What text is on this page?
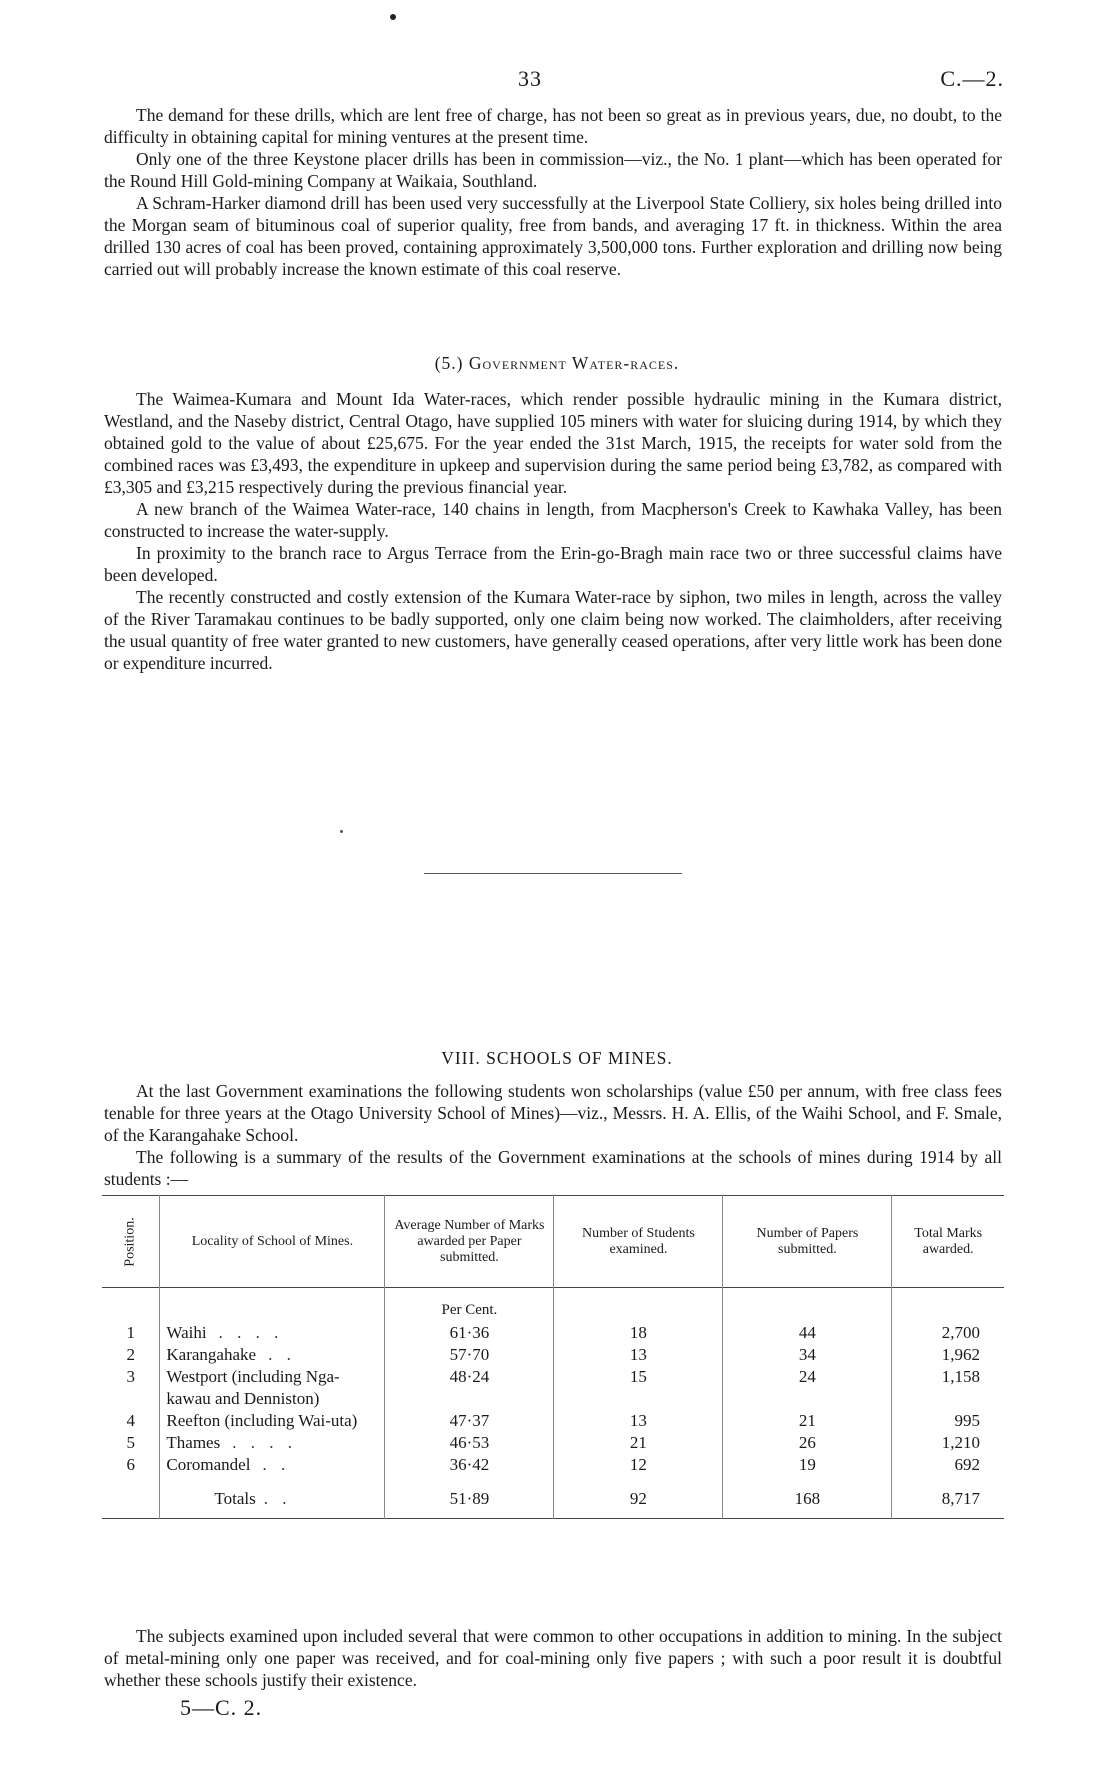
33	C.—2.

The demand for these drills, which are lent free of charge, has not been so great as in previous years, due, no doubt, to the difficulty in obtaining capital for mining ventures at the present time.

Only one of the three Keystone placer drills has been in commission—viz., the No. 1 plant—which has been operated for the Round Hill Gold-mining Company at Waikaia, Southland.

A Schram-Harker diamond drill has been used very successfully at the Liverpool State Colliery, six holes being drilled into the Morgan seam of bituminous coal of superior quality, free from bands, and averaging 17 ft. in thickness. Within the area drilled 130 acres of coal has been proved, containing approximately 3,500,000 tons. Further exploration and drilling now being carried out will probably increase the known estimate of this coal reserve.

(5.) Government Water-races.

The Waimea-Kumara and Mount Ida Water-races, which render possible hydraulic mining in the Kumara district, Westland, and the Naseby district, Central Otago, have supplied 105 miners with water for sluicing during 1914, by which they obtained gold to the value of about £25,675. For the year ended the 31st March, 1915, the receipts for water sold from the combined races was £3,493, the expenditure in upkeep and supervision during the same period being £3,782, as compared with £3,305 and £3,215 respectively during the previous financial year.

A new branch of the Waimea Water-race, 140 chains in length, from Macpherson's Creek to Kawhaka Valley, has been constructed to increase the water-supply.

In proximity to the branch race to Argus Terrace from the Erin-go-Bragh main race two or three successful claims have been developed.

The recently constructed and costly extension of the Kumara Water-race by siphon, two miles in length, across the valley of the River Taramakau continues to be badly supported, only one claim being now worked. The claimholders, after receiving the usual quantity of free water granted to new customers, have generally ceased operations, after very little work has been done or expenditure incurred.

VIII. SCHOOLS OF MINES.

At the last Government examinations the following students won scholarships (value £50 per annum, with free class fees tenable for three years at the Otago University School of Mines)—viz., Messrs. H. A. Ellis, of the Waihi School, and F. Smale, of the Karangahake School.

The following is a summary of the results of the Government examinations at the schools of mines during 1914 by all students :—

Position.	Locality of School of Mines.	Average Number of Marks awarded per Paper submitted.	Number of Students examined.	Number of Papers submitted.	Total Marks awarded.
		Per Cent.			
1	Waihi . . . .	61·36	18	44	2,700
2	Karangahake . .	57·70	13	34	1,962
3	Westport (including Nga-kawau and Denniston)	48·24	15	24	1,158
4	Reefton (including Wai-uta)	47·37	13	21	995
5	Thames . . . .	46·53	21	26	1,210
6	Coromandel . .	36·42	12	19	692
	Totals . .	51·89	92	168	8,717

The subjects examined upon included several that were common to other occupations in addition to mining. In the subject of metal-mining only one paper was received, and for coal-mining only five papers ; with such a poor result it is doubtful whether these schools justify their existence.

5—C. 2.
